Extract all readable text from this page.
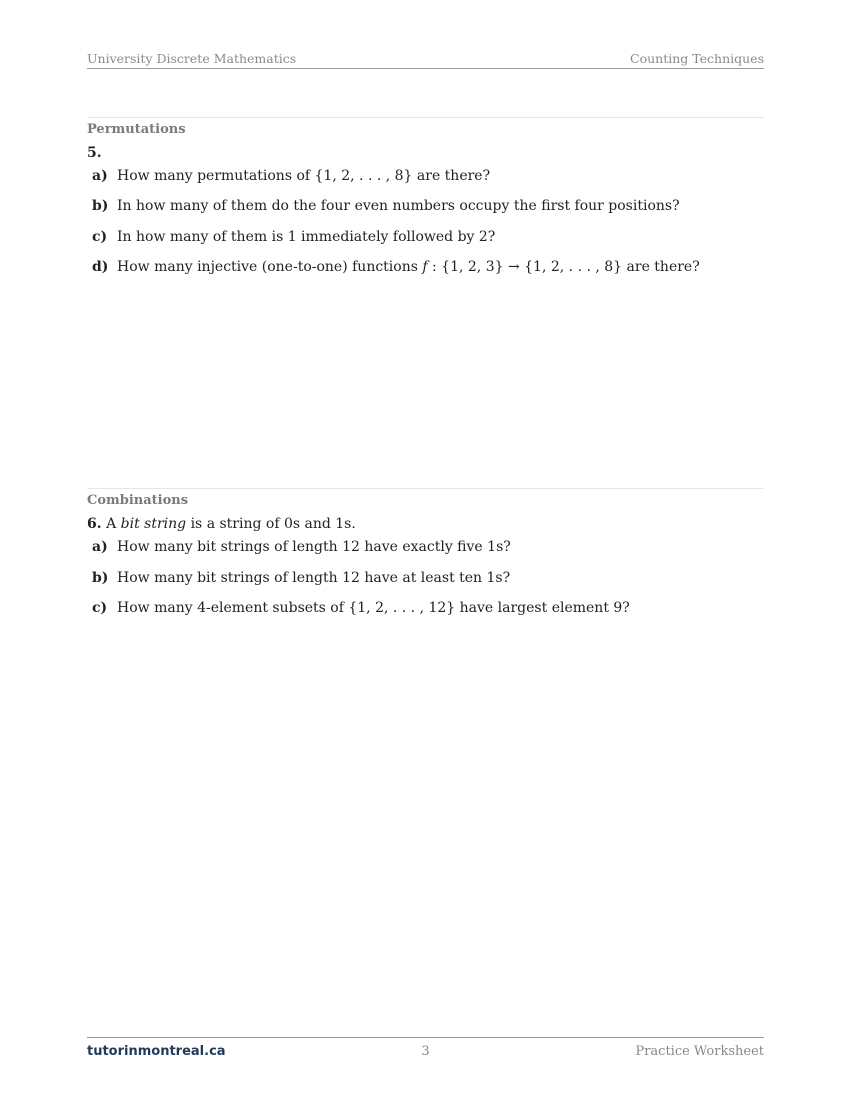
University Discrete Mathematics	Counting Techniques
Permutations
5.
a) How many permutations of {1, 2, . . . , 8} are there?
b) In how many of them do the four even numbers occupy the first four positions?
c) In how many of them is 1 immediately followed by 2?
d) How many injective (one-to-one) functions f : {1, 2, 3} → {1, 2, . . . , 8} are there?
Combinations
6. A bit string is a string of 0s and 1s.
a) How many bit strings of length 12 have exactly five 1s?
b) How many bit strings of length 12 have at least ten 1s?
c) How many 4-element subsets of {1, 2, . . . , 12} have largest element 9?
tutorinmontreal.ca	3	Practice Worksheet
